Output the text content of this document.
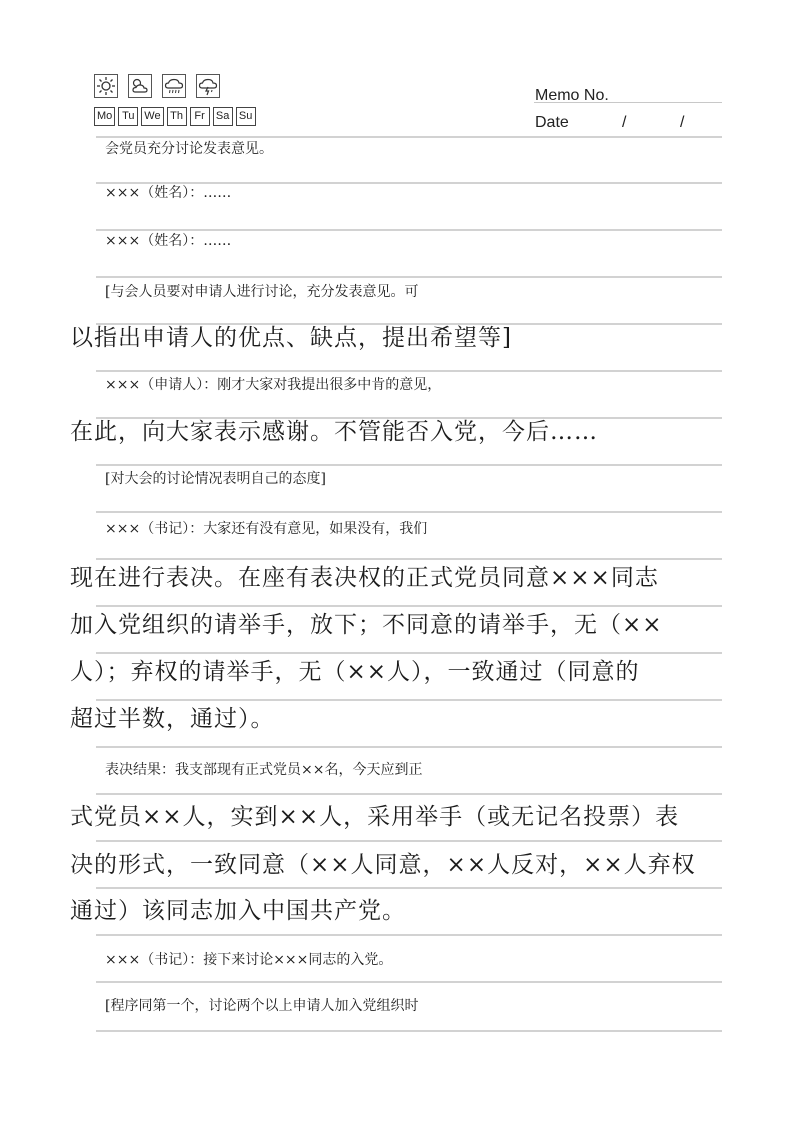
Mo Tu We Th	Fr	Sa Su
Memo No.
Date	/	/
会党员充分讨论发表意见。
×××（姓名）：……
×××（姓名）：……
[与会人员要对申请人进行讨论，充分发表意见。可
以指出申请人的优点、缺点，提出希望等]
×××（申请人）：刚才大家对我提出很多中肯的意见，
在此，向大家表示感谢。不管能否入党，今后……
[对大会的讨论情况表明自己的态度]
×××（书记）：大家还有没有意见，如果没有，我们
现在进行表决。在座有表决权的正式党员同意×××同志
加入党组织的请举手，放下；不同意的请举手，无（××
人）；弃权的请举手，无（××人），一致通过（同意的
超过半数，通过）。
表决结果：我支部现有正式党员××名，今天应到正
式党员××人，实到××人，采用举手（或无记名投票）表
决的形式，一致同意（××人同意，××人反对，××人弃权
通过）该同志加入中国共产党。
×××（书记）：接下来讨论×××同志的入党。
[程序同第一个，讨论两个以上申请人加入党组织时
